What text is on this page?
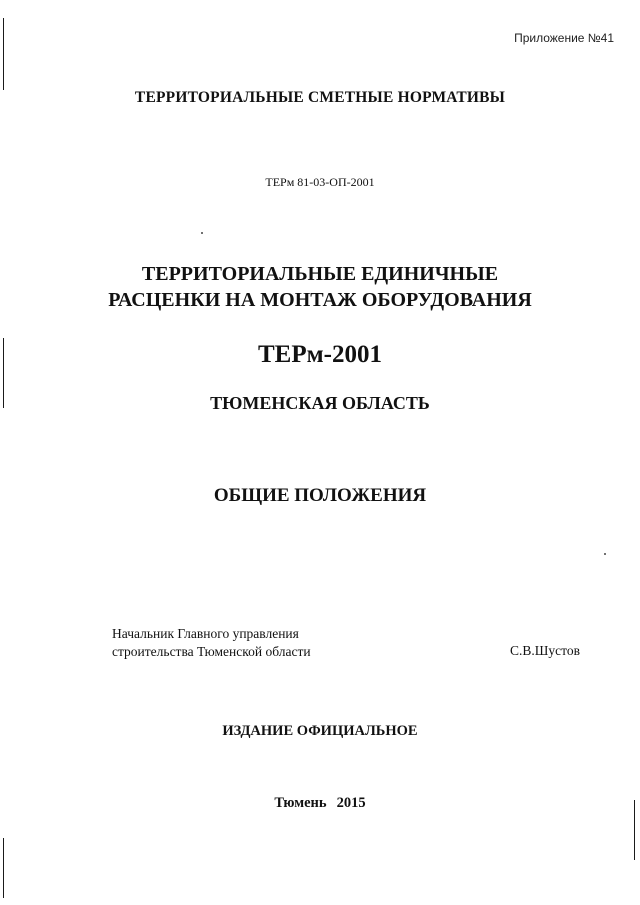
Приложение №41
ТЕРРИТОРИАЛЬНЫЕ СМЕТНЫЕ НОРМАТИВЫ
ТЕРм 81-03-ОП-2001
ТЕРРИТОРИАЛЬНЫЕ ЕДИНИЧНЫЕ
РАСЦЕНКИ НА МОНТАЖ ОБОРУДОВАНИЯ
ТЕРм-2001
ТЮМЕНСКАЯ ОБЛАСТЬ
ОБЩИЕ ПОЛОЖЕНИЯ
Начальник Главного управления
строительства Тюменской области	С.В.Шустов
ИЗДАНИЕ ОФИЦИАЛЬНОЕ
Тюмень 2015
